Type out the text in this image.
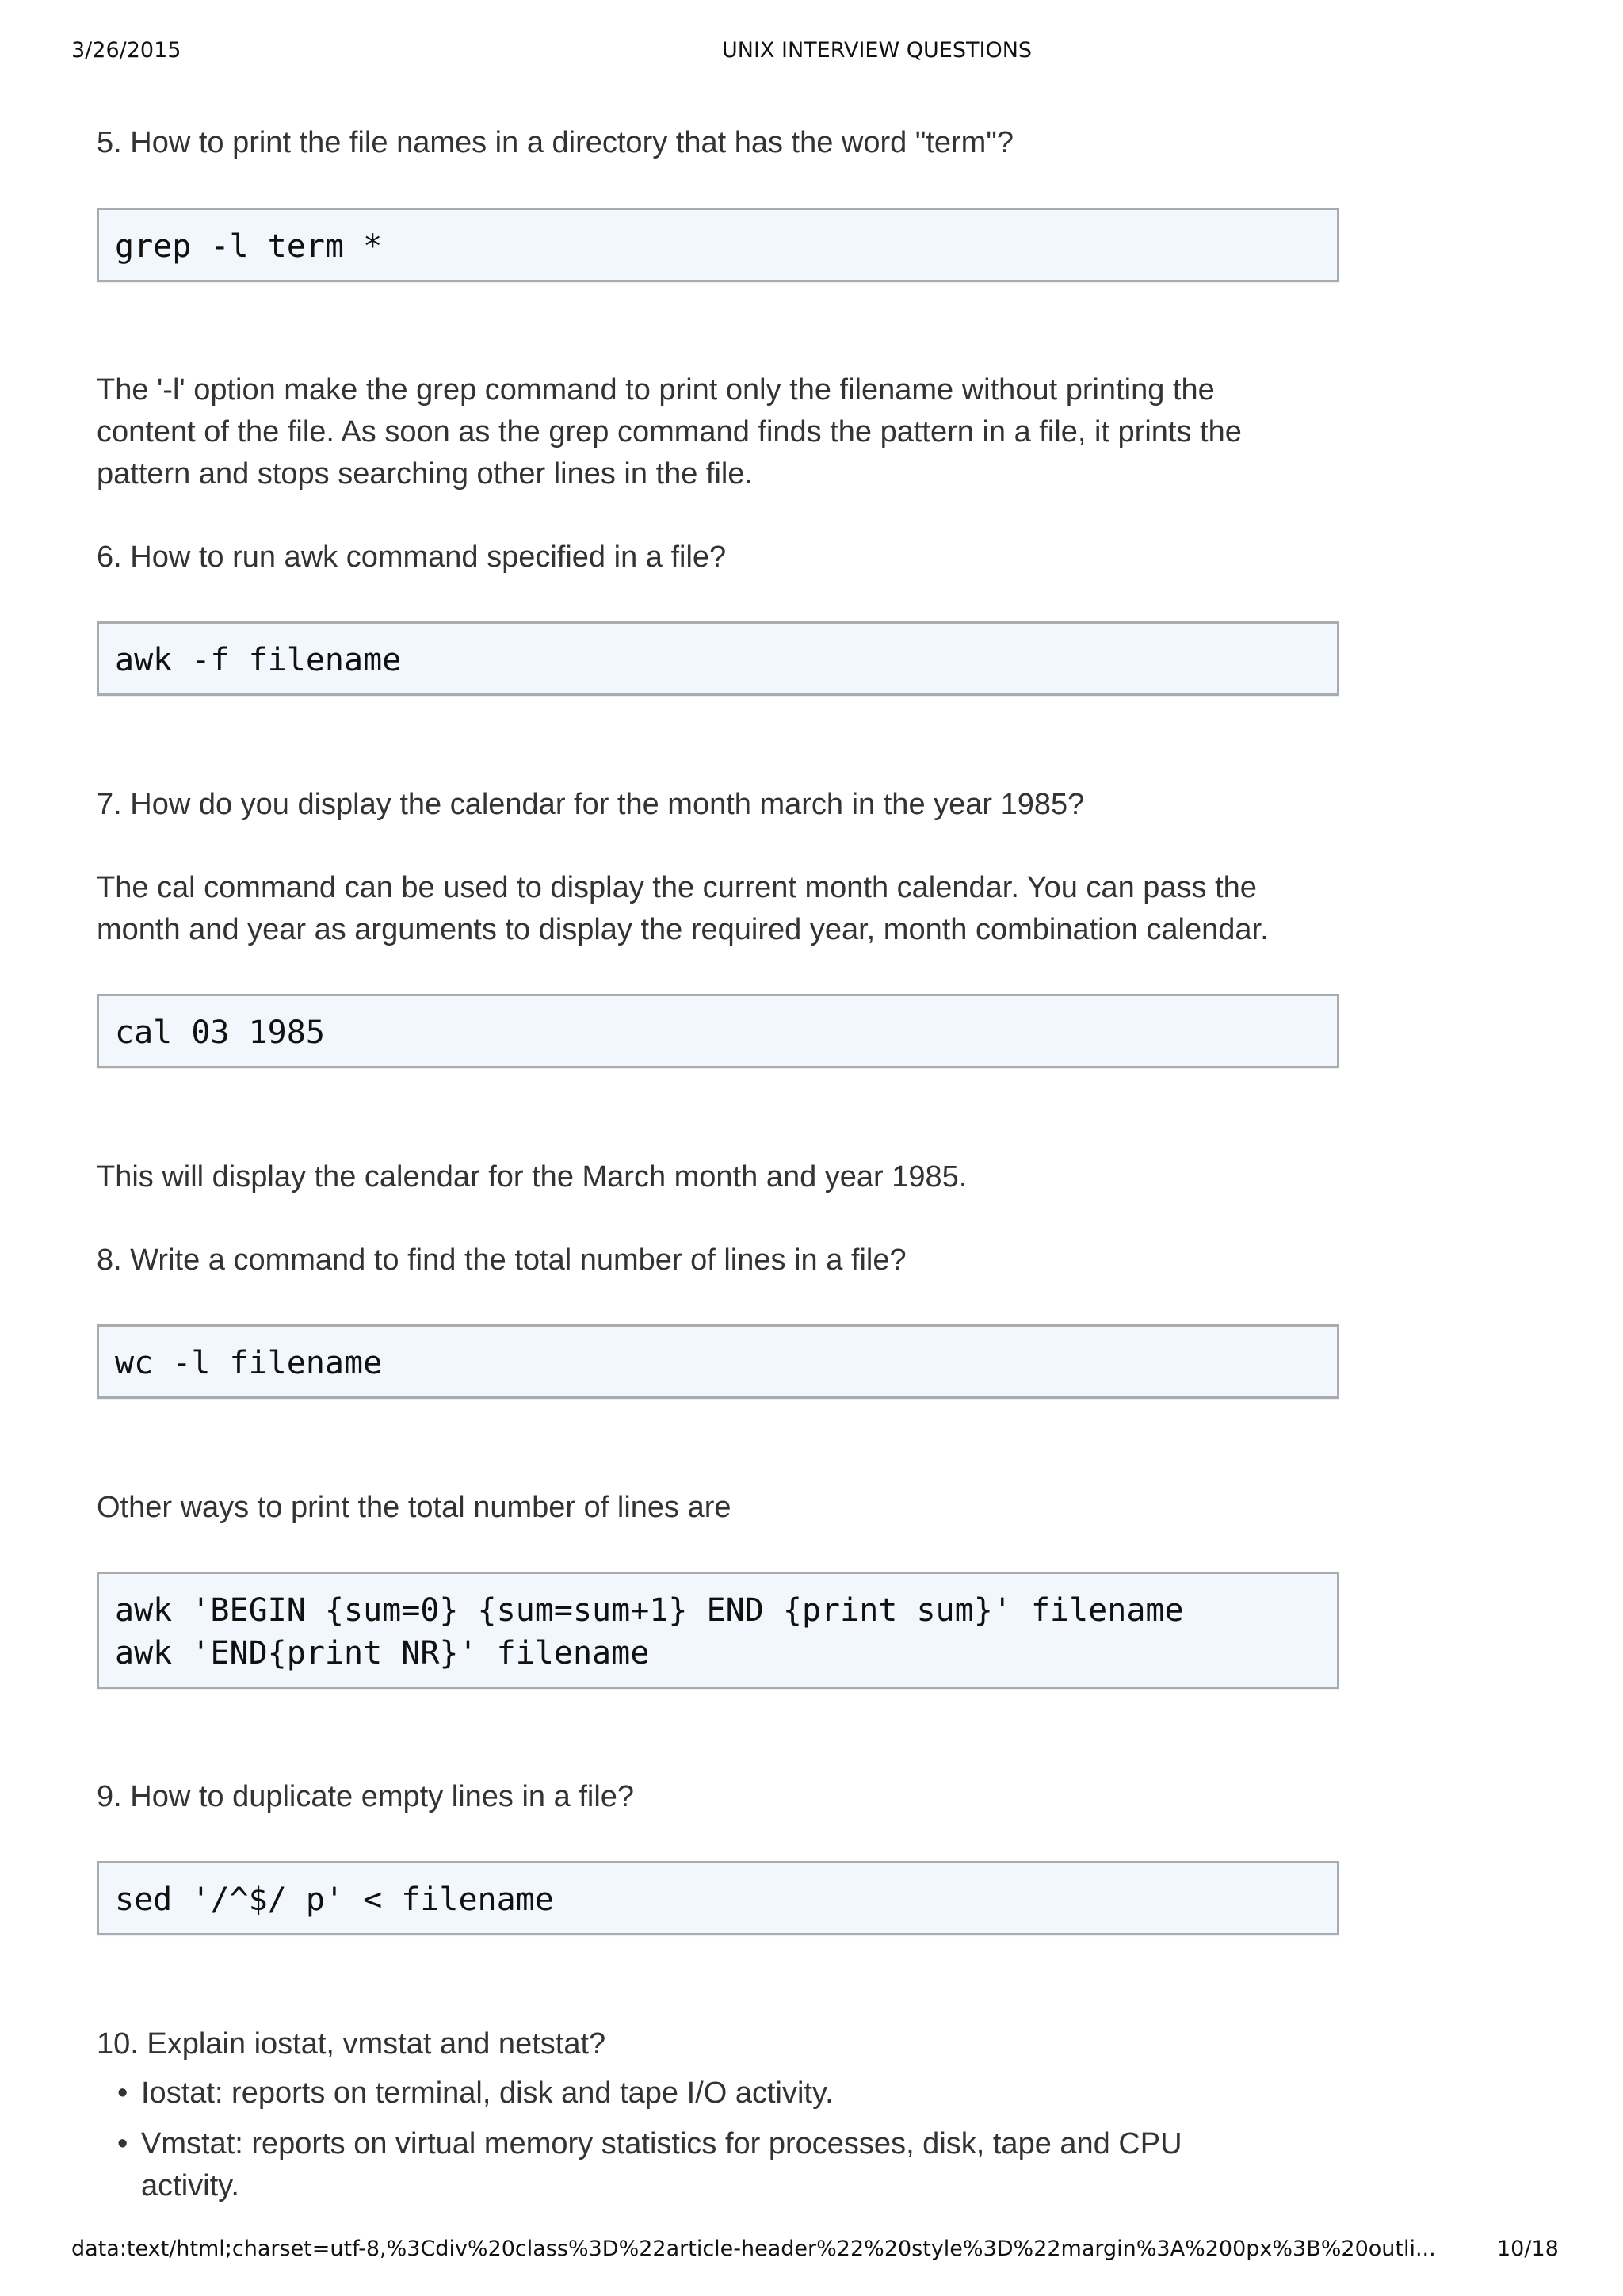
3/26/2015	UNIX INTERVIEW QUESTIONS
5. How to print the file names in a directory that has the word "term"?
grep -l term *
The '-l' option make the grep command to print only the filename without printing the
content of the file. As soon as the grep command finds the pattern in a file, it prints the
pattern and stops searching other lines in the file.
6. How to run awk command specified in a file?
awk -f filename
7. How do you display the calendar for the month march in the year 1985?
The cal command can be used to display the current month calendar. You can pass the
month and year as arguments to display the required year, month combination calendar.
cal 03 1985
This will display the calendar for the March month and year 1985.
8. Write a command to find the total number of lines in a file?
wc -l filename
Other ways to print the total number of lines are
awk 'BEGIN {sum=0} {sum=sum+1} END {print sum}' filename
awk 'END{print NR}' filename
9. How to duplicate empty lines in a file?
sed '/^$/ p' < filename
10. Explain iostat, vmstat and netstat?
• Iostat: reports on terminal, disk and tape I/O activity.
• Vmstat: reports on virtual memory statistics for processes, disk, tape and CPU
activity.
data:text/html;charset=utf-8,%3Cdiv%20class%3D%22article-header%22%20style%3D%22margin%3A%200px%3B%20outli...	10/18
